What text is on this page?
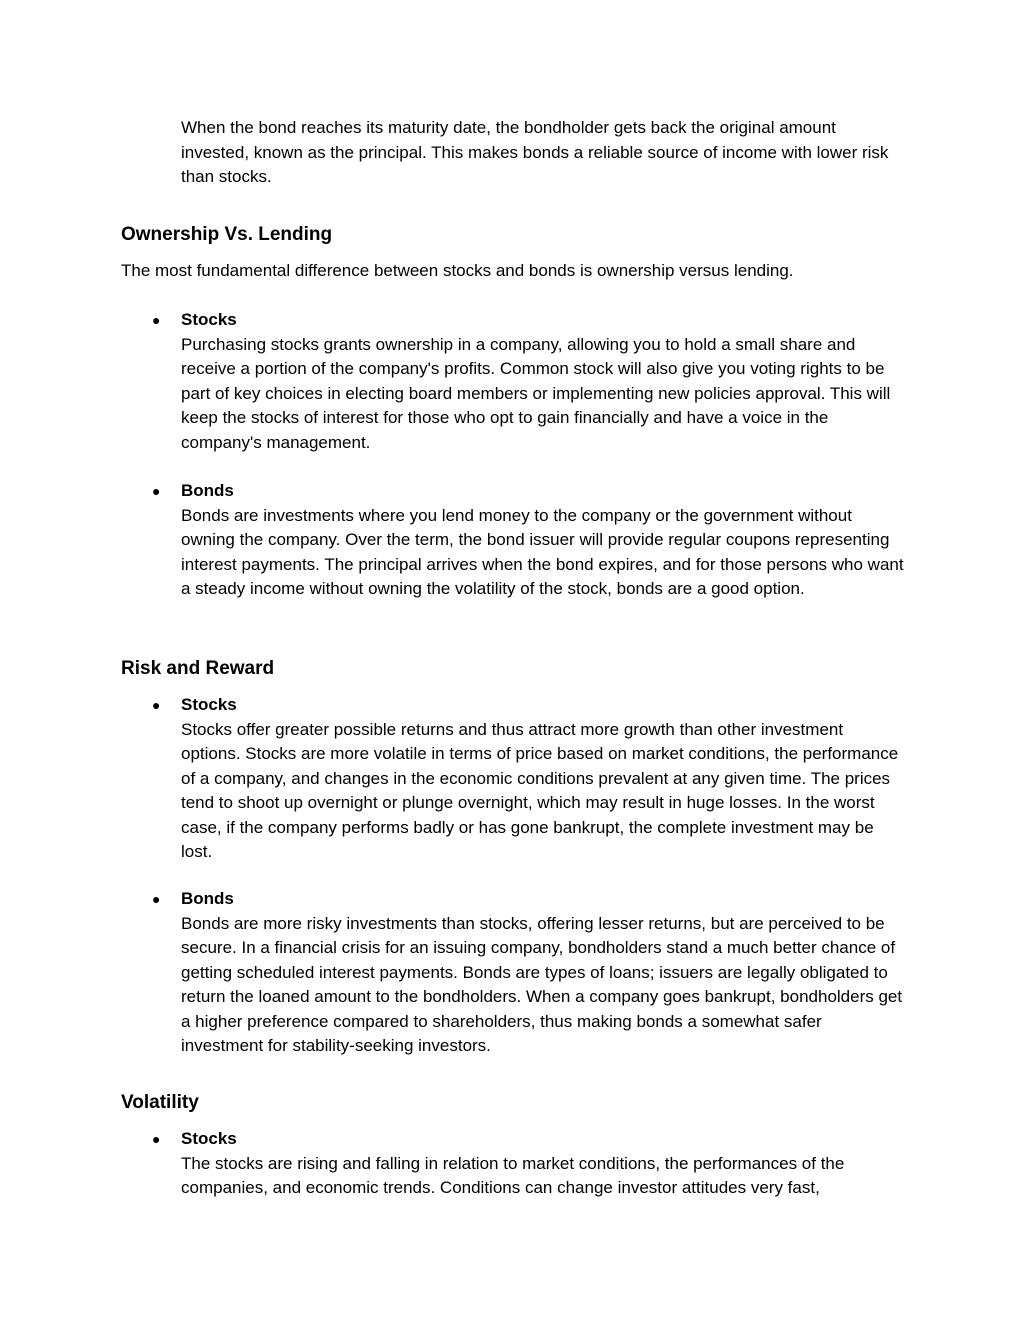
When the bond reaches its maturity date, the bondholder gets back the original amount invested, known as the principal. This makes bonds a reliable source of income with lower risk than stocks.

Ownership Vs. Lending

The most fundamental difference between stocks and bonds is ownership versus lending.

●	Stocks
Purchasing stocks grants ownership in a company, allowing you to hold a small share and receive a portion of the company's profits. Common stock will also give you voting rights to be part of key choices in electing board members or implementing new policies approval. This will keep the stocks of interest for those who opt to gain financially and have a voice in the company's management.
●	Bonds
Bonds are investments where you lend money to the company or the government without owning the company. Over the term, the bond issuer will provide regular coupons representing interest payments. The principal arrives when the bond expires, and for those persons who want a steady income without owning the volatility of the stock, bonds are a good option.
Risk and Reward
●	Stocks
Stocks offer greater possible returns and thus attract more growth than other investment options. Stocks are more volatile in terms of price based on market conditions, the performance of a company, and changes in the economic conditions prevalent at any given time. The prices tend to shoot up overnight or plunge overnight, which may result in huge losses. In the worst case, if the company performs badly or has gone bankrupt, the complete investment may be lost.
●	Bonds
Bonds are more risky investments than stocks, offering lesser returns, but are perceived to be secure. In a financial crisis for an issuing company, bondholders stand a much better chance of getting scheduled interest payments. Bonds are types of loans; issuers are legally obligated to return the loaned amount to the bondholders. When a company goes bankrupt, bondholders get a higher preference compared to shareholders, thus making bonds a somewhat safer investment for stability-seeking investors.
Volatility
●	Stocks
The stocks are rising and falling in relation to market conditions, the performances of the companies, and economic trends. Conditions can change investor attitudes very fast,
